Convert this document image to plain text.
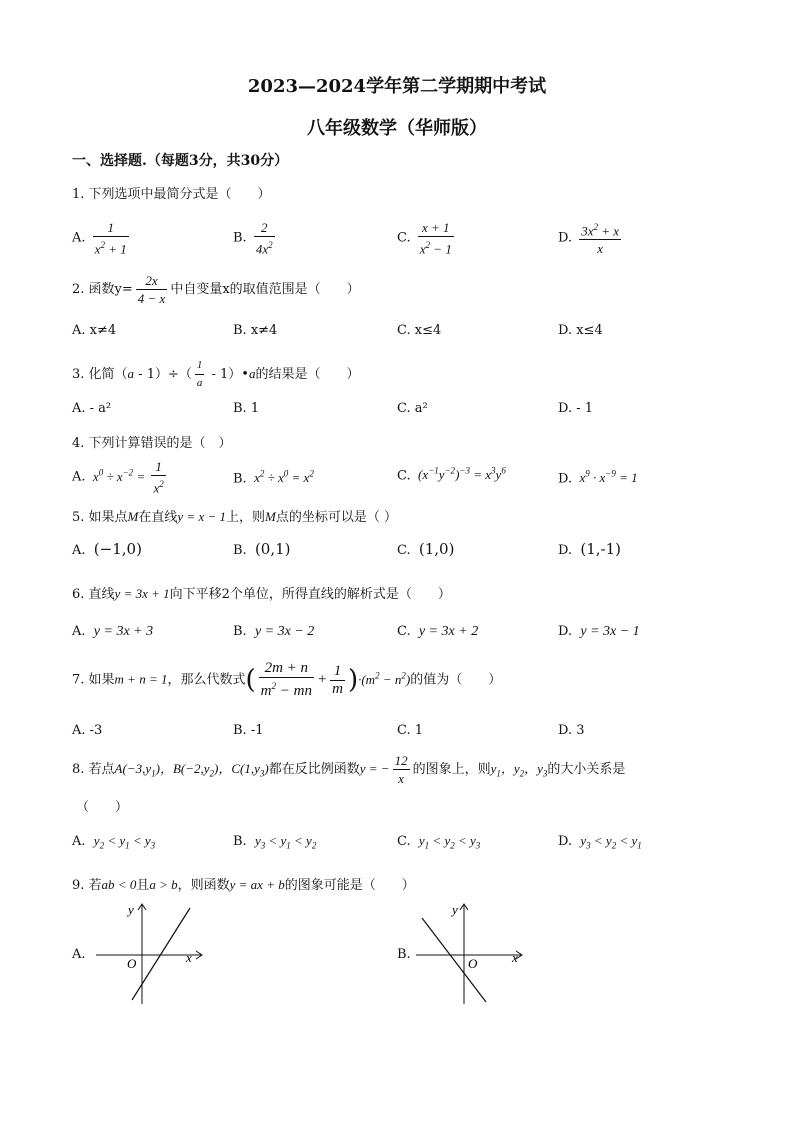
2023—2024学年第二学期期中考试
八年级数学（华师版）
一、选择题.（每题3分，共30分）
1. 下列选项中最简分式是（　　）
A. $\frac{1}{x^2 + 1}$	B. $\frac{2}{4x^2}$	C. $\frac{x + 1}{x^2 - 1}$	D. $\frac{3x^2 + x}{x}$
2. 函数$y= \frac{2x}{4 - x}$ 中自变量x的取值范围是（　　）
A. x≠4	B. x≠4	C. x≤4	D. x≤4
3. 化简$(a - 1)\div( \frac{1}{a}$ - 1）•a的结果是（　　）
A. ‐ a²	B. 1	C. a²	D. ‐ 1
4. 下列计算错误的是（　）
A.  $x^0 \div x^{-2} = \frac{1}{x^2}$	B.  $x^2 \div x^0 = x^2$	C.  $(x^{-1}y^{-2})^{-3} = x^3y^6$
D.  $x^9 \cdot x^{-9} = 1$
5. 如果点M在直线y = x − 1上，则M点的坐标可以是（ ）
A. (−1,0)	B. (0,1)	C. (1,0)	D. (1,‐1)
6. 直线y = 3x + 1向下平移2个单位，所得直线的解析式是（　　）
A. y = 3x + 3	B. y = 3x − 2	C. y = 3x + 2	D. y = 3x − 1
7. 如果m + n = 1，那么代数式( $\frac{2m + n}{m^2 - mn} + \frac{1}{m} )\cdot(m^2 - n^2)$的值为（　　）
A. -3	B. -1	C. 1	D. 3
8. 若点$A(-3,y_1)$，$B(-2,y_2)$，$C(1,y_3)$都在反比例函数y = − $\frac{12}{x}$ 的图象上，则$y_1$，$y_2$，$y_3$的大小关系是
（　　）
A. $y_2 < y_1 < y_3$	B. $y_3 < y_1 < y_2$	C. $y_1 < y_2 < y_3$	D. $y_3 < y_2 < y_1$
9. 若ab < 0且a > b，则函数y = ax + b的图象可能是（　　）
A.
y
x
O
B.
y
x
O
